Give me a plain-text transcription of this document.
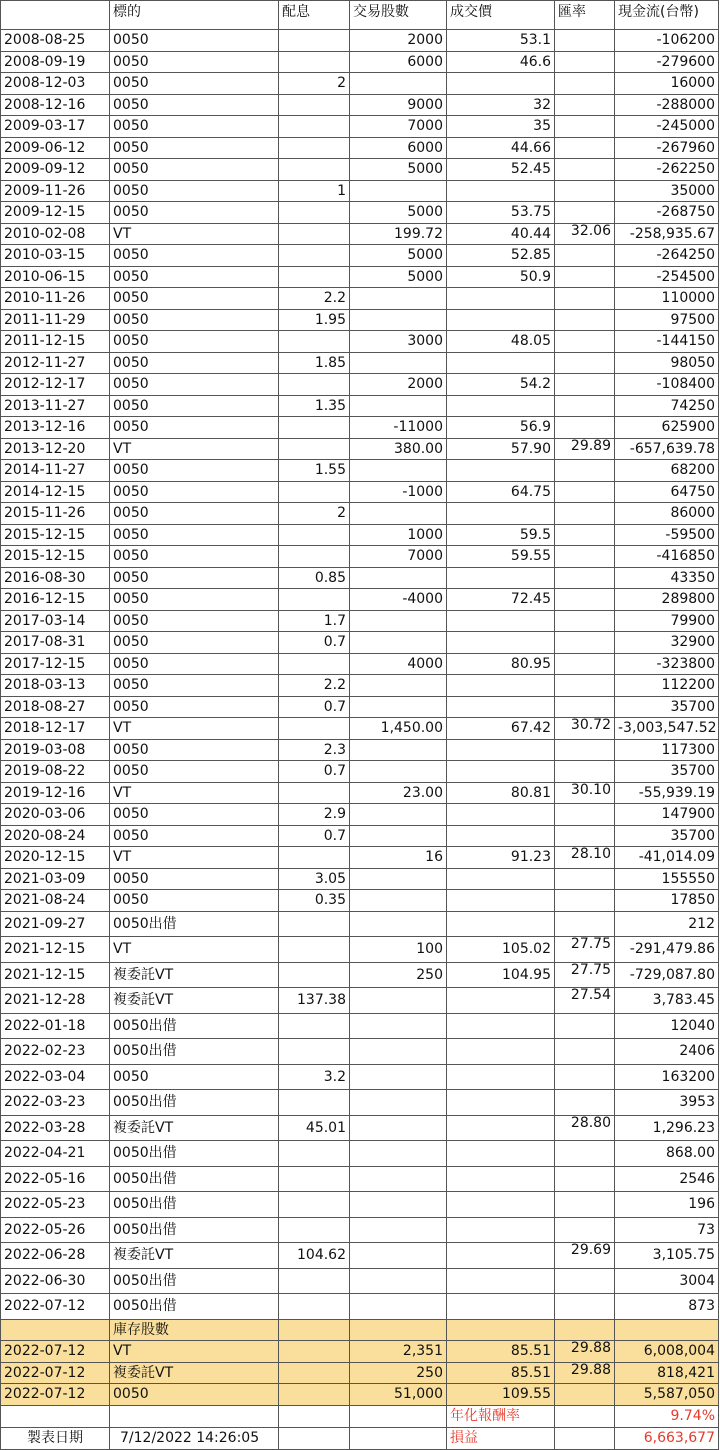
	標的	配息	交易股數	成交價	匯率	現金流(台幣)
2008-08-25	0050		2000	53.1		-106200
2008-09-19	0050		6000	46.6		-279600
2008-12-03	0050	2				16000
2008-12-16	0050		9000	32		-288000
2009-03-17	0050		7000	35		-245000
2009-06-12	0050		6000	44.66		-267960
2009-09-12	0050		5000	52.45		-262250
2009-11-26	0050	1				35000
2009-12-15	0050		5000	53.75		-268750
2010-02-08	VT		199.72	40.44	32.06	-258,935.67
2010-03-15	0050		5000	52.85		-264250
2010-06-15	0050		5000	50.9		-254500
2010-11-26	0050	2.2				110000
2011-11-29	0050	1.95				97500
2011-12-15	0050		3000	48.05		-144150
2012-11-27	0050	1.85				98050
2012-12-17	0050		2000	54.2		-108400
2013-11-27	0050	1.35				74250
2013-12-16	0050		-11000	56.9		625900
2013-12-20	VT		380.00	57.90	29.89	-657,639.78
2014-11-27	0050	1.55				68200
2014-12-15	0050		-1000	64.75		64750
2015-11-26	0050	2				86000
2015-12-15	0050		1000	59.5		-59500
2015-12-15	0050		7000	59.55		-416850
2016-08-30	0050	0.85				43350
2016-12-15	0050		-4000	72.45		289800
2017-03-14	0050	1.7				79900
2017-08-31	0050	0.7				32900
2017-12-15	0050		4000	80.95		-323800
2018-03-13	0050	2.2				112200
2018-08-27	0050	0.7				35700
2018-12-17	VT		1,450.00	67.42	30.72	-3,003,547.52
2019-03-08	0050	2.3				117300
2019-08-22	0050	0.7				35700
2019-12-16	VT		23.00	80.81	30.10	-55,939.19
2020-03-06	0050	2.9				147900
2020-08-24	0050	0.7				35700
2020-12-15	VT		16	91.23	28.10	-41,014.09
2021-03-09	0050	3.05				155550
2021-08-24	0050	0.35				17850
2021-09-27	0050出借					212
2021-12-15	VT		100	105.02	27.75	-291,479.86
2021-12-15	複委託VT		250	104.95	27.75	-729,087.80
2021-12-28	複委託VT	137.38			27.54	3,783.45
2022-01-18	0050出借					12040
2022-02-23	0050出借					2406
2022-03-04	0050	3.2				163200
2022-03-23	0050出借					3953
2022-03-28	複委託VT	45.01			28.80	1,296.23
2022-04-21	0050出借					868.00
2022-05-16	0050出借					2546
2022-05-23	0050出借					196
2022-05-26	0050出借					73
2022-06-28	複委託VT	104.62			29.69	3,105.75
2022-06-30	0050出借					3004
2022-07-12	0050出借					873
	庫存股數					
2022-07-12	VT		2,351	85.51	29.88	6,008,004
2022-07-12	複委託VT		250	85.51	29.88	818,421
2022-07-12	0050		51,000	109.55		5,587,050
				年化報酬率		9.74%
製表日期	7/12/2022 14:26:05			損益		6,663,677
